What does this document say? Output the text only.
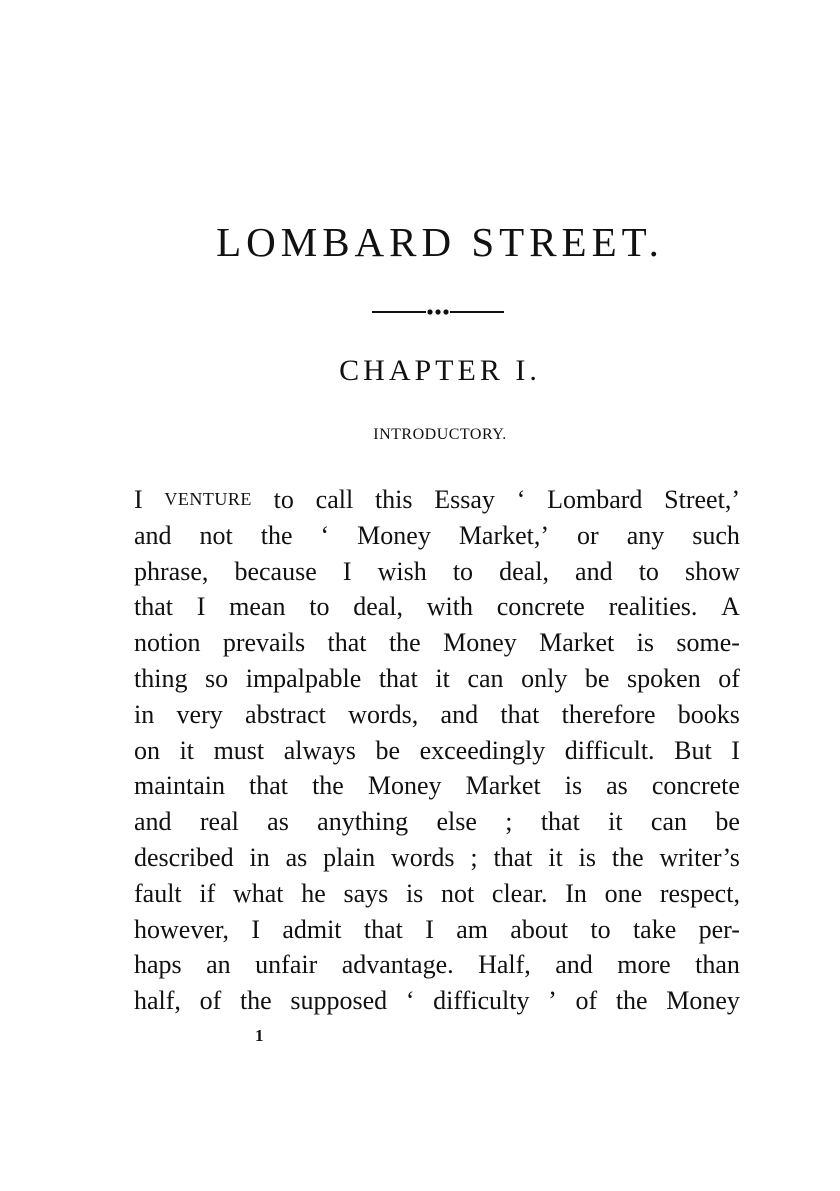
LOMBARD STREET.
CHAPTER I.
INTRODUCTORY.
I VENTURE to call this Essay ‘ Lombard Street,’
and not the ‘ Money Market,’ or any such
phrase, because I wish to deal, and to show
that I mean to deal, with concrete realities. A
notion prevails that the Money Market is some-
thing so impalpable that it can only be spoken of
in very abstract words, and that therefore books
on it must always be exceedingly difficult. But I
maintain that the Money Market is as concrete
and real as anything else ; that it can be
described in as plain words ; that it is the writer’s
fault if what he says is not clear. In one respect,
however, I admit that I am about to take per-
haps an unfair advantage. Half, and more than
half, of the supposed ‘ difficulty ’ of the Money
1
